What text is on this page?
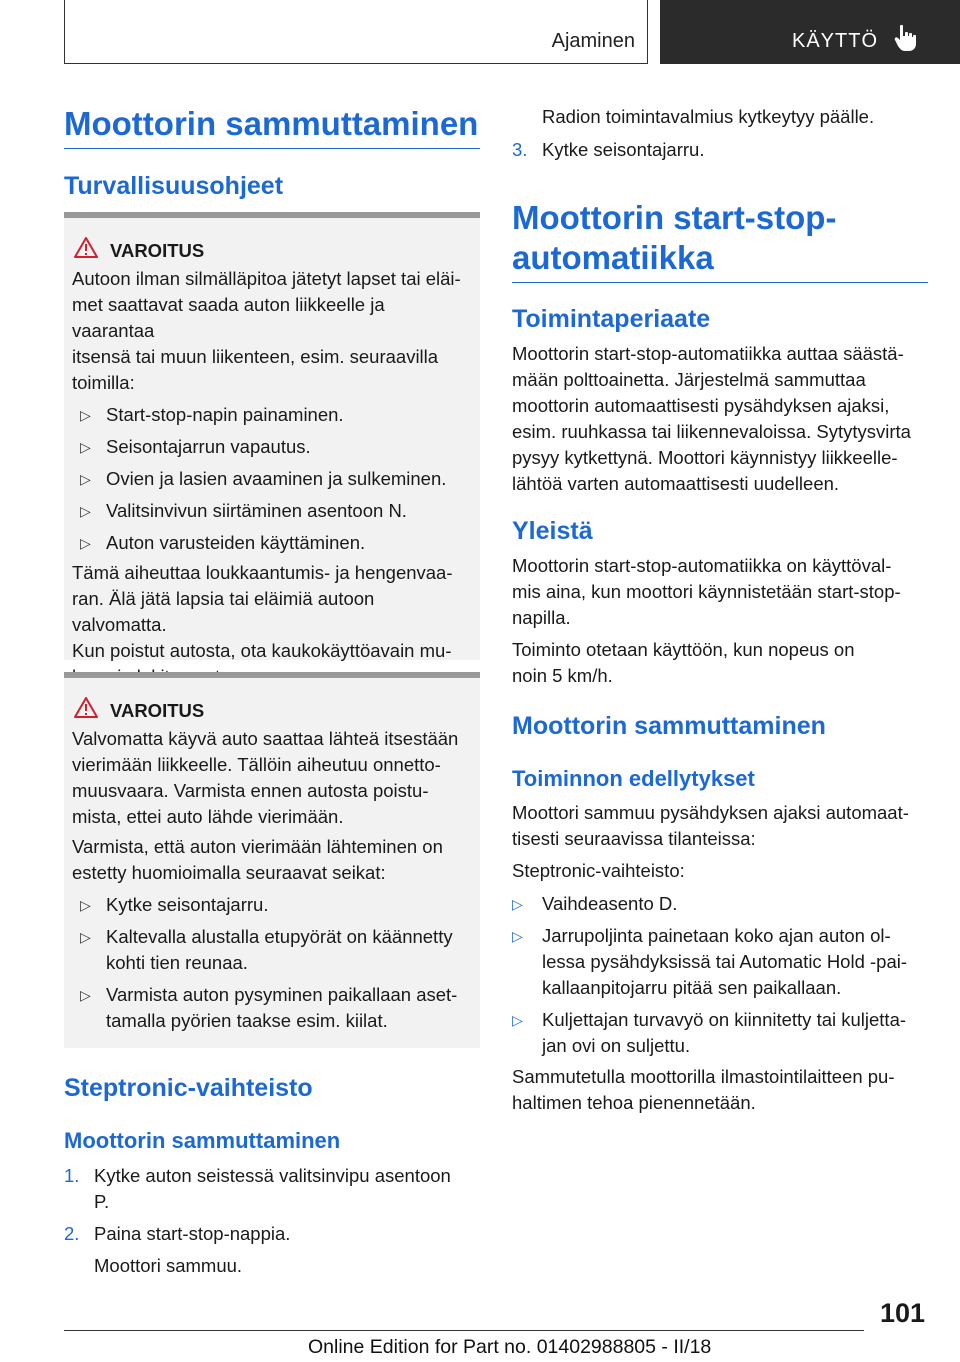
Ajaminen	KÄYTTÖ
Moottorin sammuttaminen
Turvallisuusohjeet
VAROITUS

Autoon ilman silmälläpitoa jätetyt lapset tai eläi-
met saattavat saada auton liikkeelle ja vaarantaa
itsensä tai muun liikenteen, esim. seuraavilla
toimilla:

▷ Start-stop-napin painaminen.
▷ Seisontajarrun vapautus.
▷ Ovien ja lasien avaaminen ja sulkeminen.
▷ Valitsinvivun siirtäminen asentoon N.
▷ Auton varusteiden käyttäminen.

Tämä aiheuttaa loukkaantumis- ja hengenvaa-
ran. Älä jätä lapsia tai eläimiä autoon valvomatta.
Kun poistut autosta, ota kaukokäyttöavain mu-

VAROITUS

Valvomatta käyvä auto saattaa lähteä itsestään
vierimään liikkeelle. Tällöin aiheutuu onnetto-
muusvaara. Varmista ennen autosta poistu-
mista, ettei auto lähde vierimään.

Varmista, että auton vierimään lähteminen on
estetty huomioimalla seuraavat seikat:

▷ Kytke seisontajarru.
▷ Kaltevalla alustalla etupyörät on käännetty
kohti tien reunaa.
▷ Varmista auton pysyminen paikallaan aset-
tamalla pyörien taakse esim. kiilat.
Steptronic-vaihteisto
Moottorin sammuttaminen
1. Kytke auton seistessä valitsinvipu asentoon
P.
2. Paina start-stop-nappia.
Moottori sammuu.
Radion toimintavalmius kytkeytyy päälle.
3. Kytke seisontajarru.
Moottorin start-stop-
automatiikka
Toimintaperiaate

Moottorin start-stop-automatiikka auttaa säästä-
mään polttoainetta. Järjestelmä sammuttaa
moottorin automaattisesti pysähdyksen ajaksi,
esim. ruuhkassa tai liikennevaloissa. Sytytysvirta
pysyy kytkettynä. Moottori käynnistyy liikkeelle-
lähtöä varten automaattisesti uudelleen.

Yleistä

Moottorin start-stop-automatiikka on käyttöval-
mis aina, kun moottori käynnistetään start-stop-
napilla.

Toiminto otetaan käyttöön, kun nopeus on
noin 5 km/h.

Moottorin sammuttaminen
Toiminnon edellytykset

Moottori sammuu pysähdyksen ajaksi automaat-
tisesti seuraavissa tilanteissa:

Steptronic-vaihteisto:

▷ Vaihdeasento D.
▷ Jarrupoljinta painetaan koko ajan auton ol-
lessa pysähdyksissä tai Automatic Hold -pai-
kallaanpitojarru pitää sen paikallaan.
▷ Kuljettajan turvavyö on kiinnitetty tai kuljetta-
jan ovi on suljettu.

Sammutetulla moottorilla ilmastointilaitteen pu-
haltimen tehoa pienennetään.

101
Online Edition for Part no. 01402988805 - II/18
